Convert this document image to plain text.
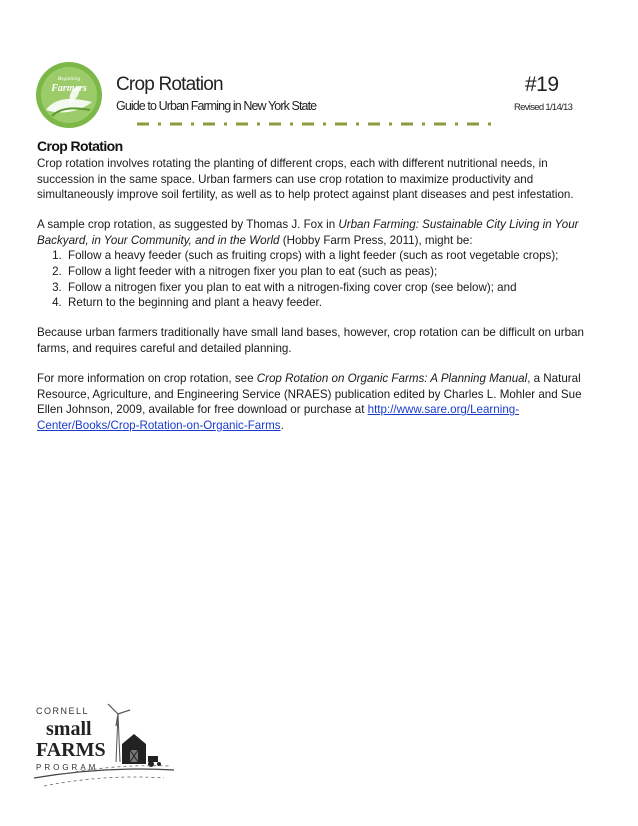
Beginning
Farmers Crop Rotation
Guide to Urban Farming in New York State
#19
Revised 1/14/13
Crop Rotation

Crop rotation involves rotating the planting of different crops, each with different nutritional needs, in succession in the same space. Urban farmers can use crop rotation to maximize productivity and simultaneously improve soil fertility, as well as to help protect against plant diseases and pest infestation.

A sample crop rotation, as suggested by Thomas J. Fox in Urban Farming: Sustainable City Living in Your Backyard, in Your Community, and in the World (Hobby Farm Press, 2011), might be:

1. Follow a heavy feeder (such as fruiting crops) with a light feeder (such as root vegetable crops);
2. Follow a light feeder with a nitrogen fixer you plan to eat (such as peas);
3. Follow a nitrogen fixer you plan to eat with a nitrogen-fixing cover crop (see below); and
4. Return to the beginning and plant a heavy feeder.

Because urban farmers traditionally have small land bases, however, crop rotation can be difficult on urban farms, and requires careful and detailed planning.

For more information on crop rotation, see Crop Rotation on Organic Farms: A Planning Manual, a Natural Resource, Agriculture, and Engineering Service (NRAES) publication edited by Charles L. Mohler and Sue Ellen Johnson, 2009, available for free download or purchase at http://www.sare.org/Learning-Center/Books/Crop-Rotation-on-Organic-Farms.

CORNELL
small
FARMS
PROGRAM
